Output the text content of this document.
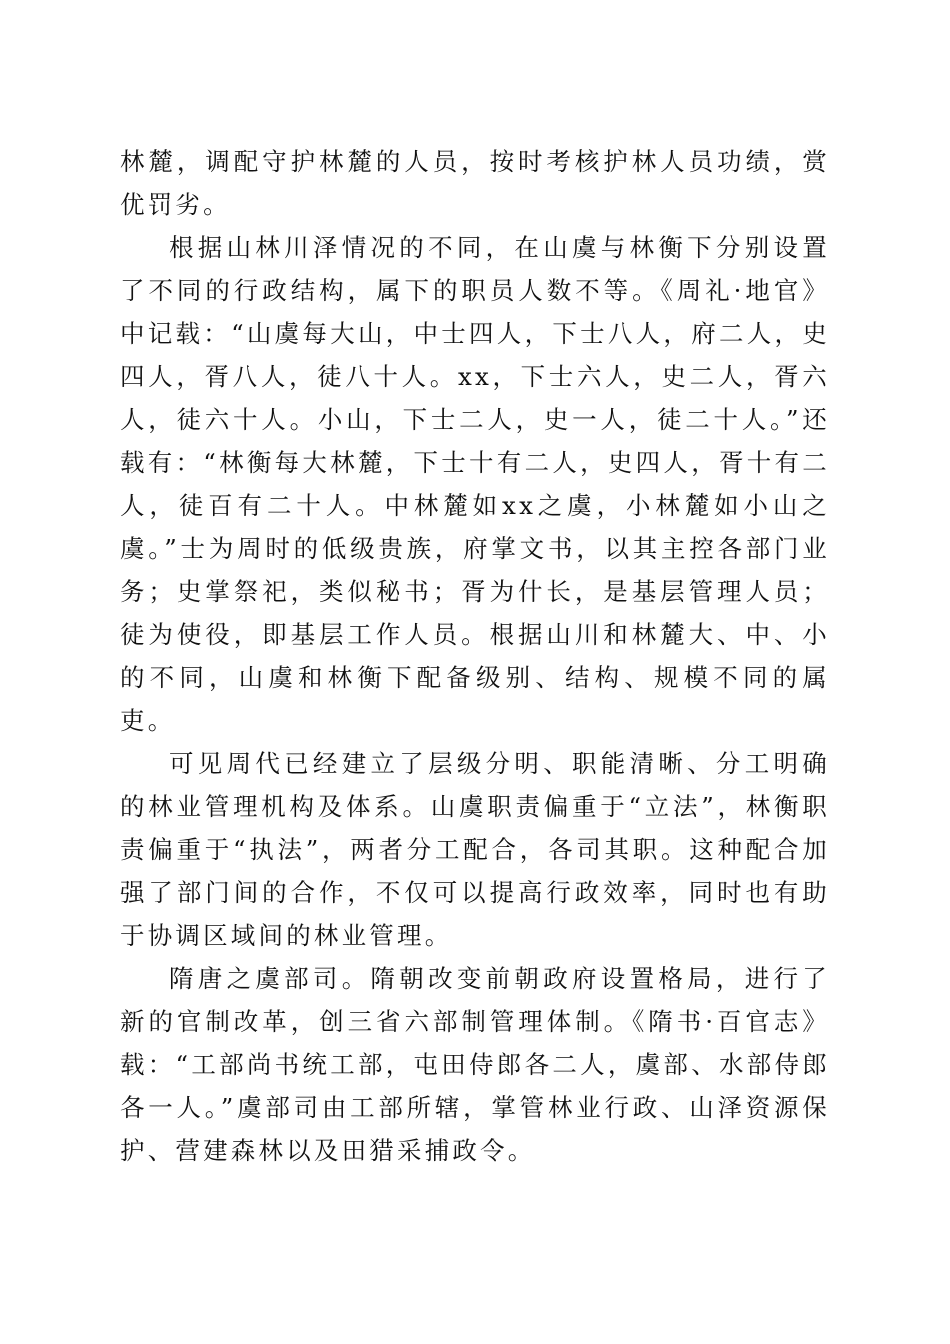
林麓，调配守护林麓的人员，按时考核护林人员功绩，赏优罚劣。

根据山林川泽情况的不同，在山虞与林衡下分别设置了不同的行政结构，属下的职员人数不等。《周礼·地官》中记载：“山虞每大山，中士四人，下士八人，府二人，史四人，胥八人，徒八十人。xx，下士六人，史二人，胥六人，徒六十人。小山，下士二人，史一人，徒二十人。”还载有：“林衡每大林麓，下士十有二人，史四人，胥十有二人，徒百有二十人。中林麓如xx之虞，小林麓如小山之虞。”士为周时的低级贵族，府掌文书，以其主控各部门业务；史掌祭祀，类似秘书；胥为什长，是基层管理人员；徒为使役，即基层工作人员。根据山川和林麓大、中、小的不同，山虞和林衡下配备级别、结构、规模不同的属吏。

可见周代已经建立了层级分明、职能清晰、分工明确的林业管理机构及体系。山虞职责偏重于“立法”，林衡职责偏重于“执法”，两者分工配合，各司其职。这种配合加强了部门间的合作，不仅可以提高行政效率，同时也有助于协调区域间的林业管理。

隋唐之虞部司。隋朝改变前朝政府设置格局，进行了新的官制改革，创三省六部制管理体制。《隋书·百官志》载：“工部尚书统工部，屯田侍郎各二人，虞部、水部侍郎各一人。”虞部司由工部所辖，掌管林业行政、山泽资源保护、营建森林以及田猎采捕政令。
